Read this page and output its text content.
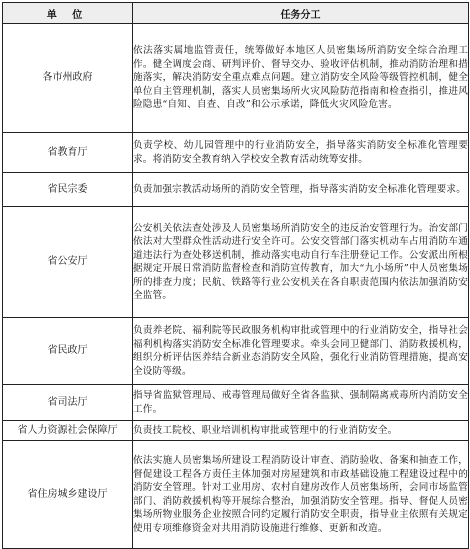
单 位	任务分工
各市州政府	依法落实属地监管责任，统筹做好本地区人员密集场所消防安全综合治理工作。健全调度会商、研判评价、督导交办、验收评估机制，推动消防治理和措施落实，解决消防安全重点难点问题。建立消防安全风险等级管控机制，健全单位自主管理机制，落实人员密集场所火灾风险防范指南和检查指引，推进风险隐患“自知、自查、自改”和公示承诺，降低火灾风险危害。
省教育厅	负责学校、幼儿园管理中的行业消防安全，指导落实消防安全标准化管理要求。将消防安全教育纳入学校安全教育活动统筹安排。
省民宗委	负责加强宗教活动场所的消防安全管理，指导落实消防安全标准化管理要求。
省公安厅	公安机关依法查处涉及人员密集场所消防安全的违反治安管理行为。治安部门依法对大型群众性活动进行安全许可。公安交管部门落实机动车占用消防车通道违法行为查处移送机制，推动落实电动自行车注册登记工作。公安派出所根据规定开展日常消防监督检查和消防宣传教育，加大“九小场所”中人员密集场所的排查力度；民航、铁路等行业公安机关在各自职责范围内依法加强消防安全监管。
省民政厅	负责养老院、福利院等民政服务机构审批或管理中的行业消防安全，指导社会福利机构落实消防安全标准化管理要求。牵头会同卫健部门、消防救援机构，组织分析评估医养结合新业态消防安全风险，强化行业消防管理措施，提高安全设防等级。
省司法厅	指导省监狱管理局、戒毒管理局做好全省各监狱、强制隔离戒毒所内消防安全工作。
省人力资源社会保障厅	负责技工院校、职业培训机构审批或管理中的行业消防安全。
省住房城乡建设厅	依法实施人员密集场所建设工程消防设计审查、消防验收、备案和抽查工作，督促建设工程各方责任主体加强对房屋建筑和市政基础设施工程建设过程中的消防安全管理。针对工业用房、农村自建房改作人员密集场所，会同市场监管部门、消防救援机构等开展综合整治，加强消防安全管理。指导、督促人员密集场所物业服务企业按照合同约定履行消防安全职责，指导业主依照有关规定使用专项维修资金对共用消防设施进行维修、更新和改造。
